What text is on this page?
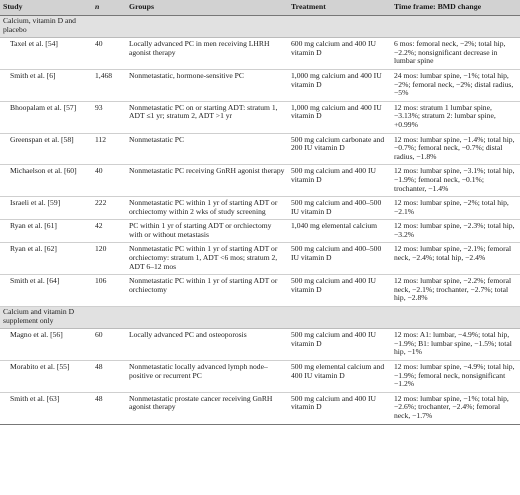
Study	n	Groups	Treatment	Time frame: BMD change
Calcium, vitamin D and placebo				
Taxel et al. [54]	40	Locally advanced PC in men receiving LHRH agonist therapy	600 mg calcium and 400 IU vitamin D	6 mos: femoral neck, −2%; total hip, −2.2%; nonsignificant decrease in lumbar spine
Smith et al. [6]	1,468	Nonmetastatic, hormone-sensitive PC	1,000 mg calcium and 400 IU vitamin D	24 mos: lumbar spine, −1%; total hip, −2%; femoral neck, −2%; distal radius, −5%
Bhoopalam et al. [57]	93	Nonmetastatic PC on or starting ADT: stratum 1, ADT ≤1 yr; stratum 2, ADT >1 yr	1,000 mg calcium and 400 IU vitamin D	12 mos: stratum 1 lumbar spine, −3.13%; stratum 2: lumbar spine, +0.99%
Greenspan et al. [58]	112	Nonmetastatic PC	500 mg calcium carbonate and 200 IU vitamin D	12 mos: lumbar spine, −1.4%; total hip, −0.7%; femoral neck, −0.7%; distal radius, −1.8%
Michaelson et al. [60]	40	Nonmetastatic PC receiving GnRH agonist therapy	500 mg calcium and 400 IU vitamin D	12 mos: lumbar spine, −3.1%; total hip, −1.9%; femoral neck, −0.1%; trochanter, −1.4%
Israeli et al. [59]	222	Nonmetastatic PC within 1 yr of starting ADT or orchiectomy within 2 wks of study screening	500 mg calcium and 400–500 IU vitamin D	12 mos: lumbar spine, −2%; total hip, −2.1%
Ryan et al. [61]	42	PC within 1 yr of starting ADT or orchiectomy with or without metastasis	1,040 mg elemental calcium	12 mos: lumbar spine, −2.3%; total hip, −3.2%
Ryan et al. [62]	120	Nonmetastatic PC within 1 yr of starting ADT or orchiectomy: stratum 1, ADT <6 mos; stratum 2, ADT 6–12 mos	500 mg calcium and 400–500 IU vitamin D	12 mos: lumbar spine, −2.1%; femoral neck, −2.4%; total hip, −2.4%
Smith et al. [64]	106	Nonmetastatic PC within 1 yr of starting ADT or orchiectomy	500 mg calcium and 400 IU vitamin D	12 mos: lumbar spine, −2.2%; femoral neck, −2.1%; trochanter, −2.7%; total hip, −2.8%
Calcium and vitamin D supplement only				
Magno et al. [56]	60	Locally advanced PC and osteoporosis	500 mg calcium and 400 IU vitamin D	12 mos: A1: lumbar, −4.9%; total hip, −1.9%; B1: lumbar spine, −1.5%; total hip, −1%
Morabito et al. [55]	48	Nonmetastatic locally advanced lymph node–positive or recurrent PC	500 mg elemental calcium and 400 IU vitamin D	12 mos: lumbar spine, −4.9%; total hip, −1.9%; femoral neck, nonsignificant −1.2%
Smith et al. [63]	48	Nonmetastatic prostate cancer receiving GnRH agonist therapy	500 mg calcium and 400 IU vitamin D	12 mos: lumbar spine, −1%; total hip, −2.6%; trochanter, −2.4%; femoral neck, −1.7%
